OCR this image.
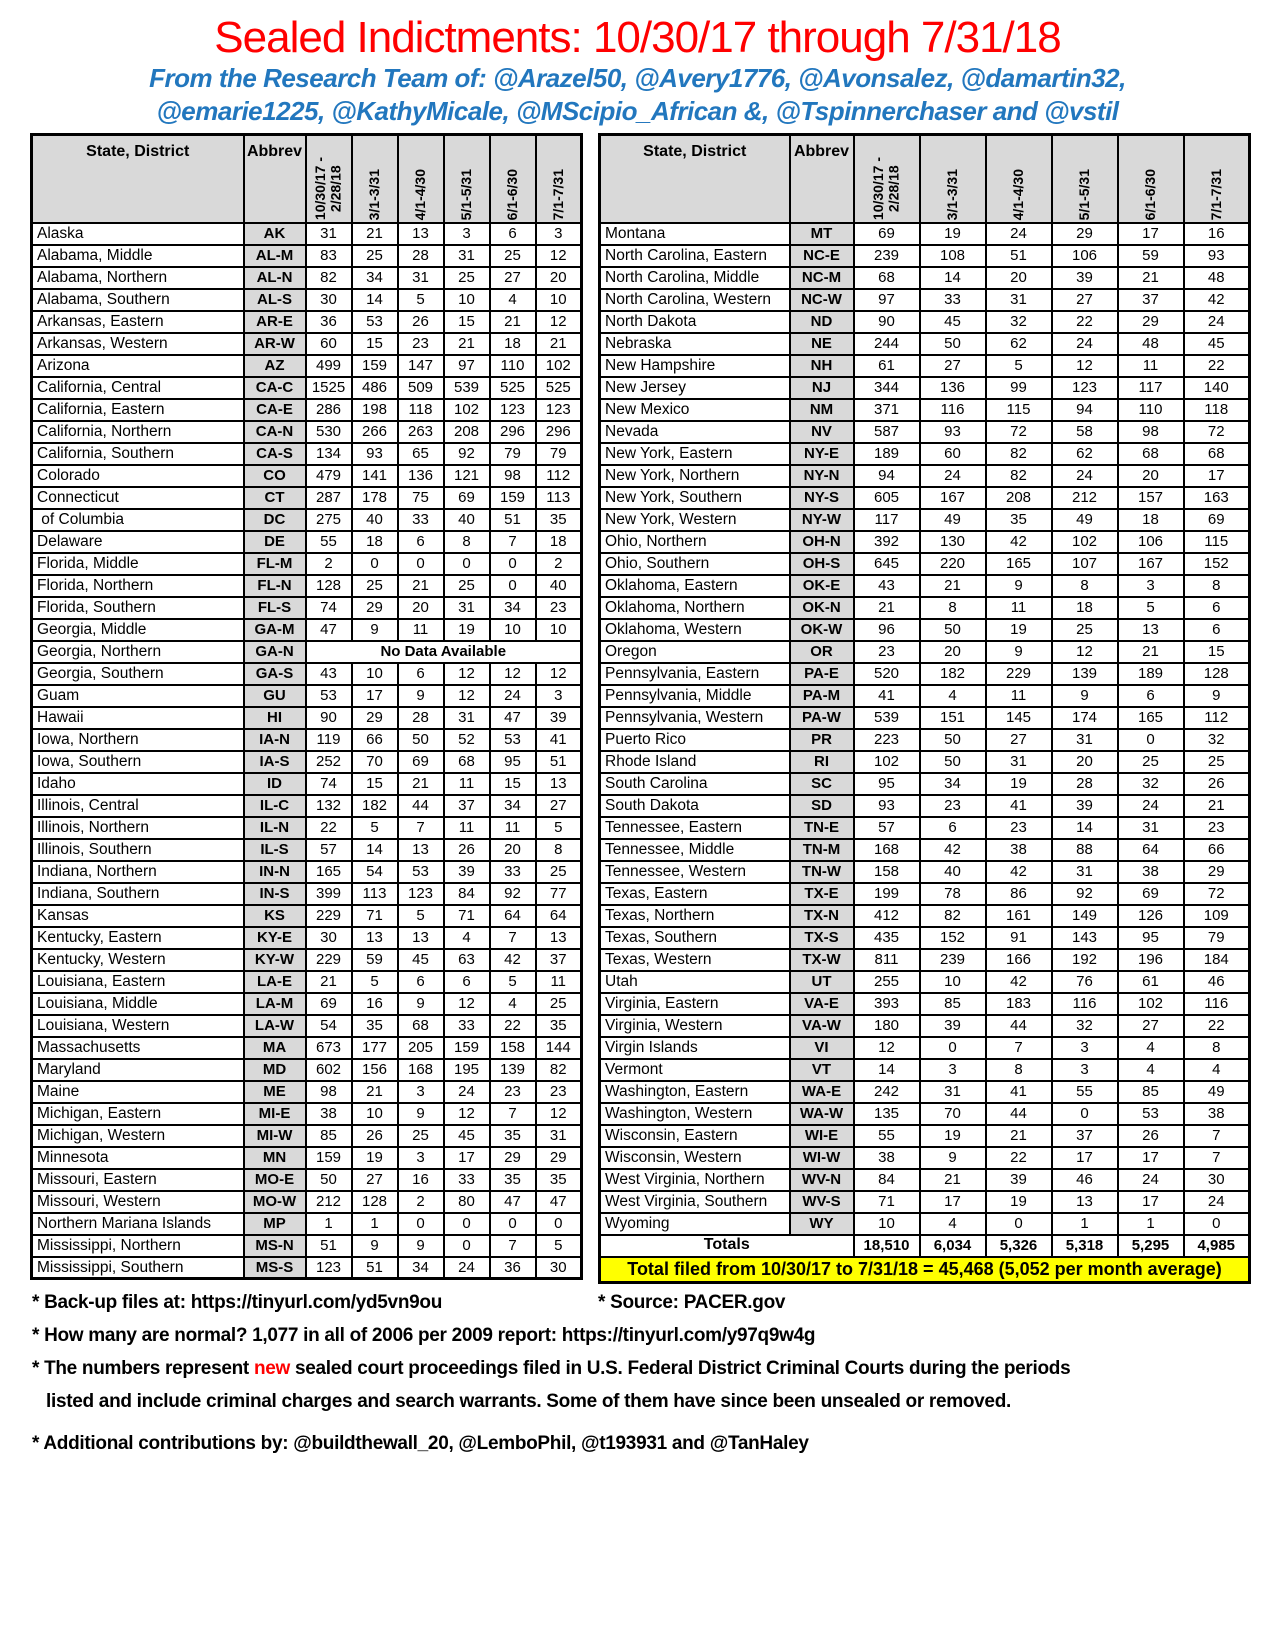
Sealed Indictments: 10/30/17 through 7/31/18
From the Research Team of: @Arazel50, @Avery1776, @Avonsalez, @damartin32,
@emarie1225, @KathyMicale, @MScipio_African &, @Tspinnerchaser and @vstil
State, District	Abbrev	10/30/17 -
2/28/18	3/1-3/31	4/1-4/30	5/1-5/31	6/1-6/30	7/1-7/31

Alaska	AK	31	21	13	3	6	3
Alabama, Middle	AL-M	83	25	28	31	25	12
Alabama, Northern	AL-N	82	34	31	25	27	20
Alabama, Southern	AL-S	30	14	5	10	4	10
Arkansas, Eastern	AR-E	36	53	26	15	21	12
Arkansas, Western	AR-W	60	15	23	21	18	21
Arizona	AZ	499	159	147	97	110	102
California, Central	CA-C	1525	486	509	539	525	525
California, Eastern	CA-E	286	198	118	102	123	123
California, Northern	CA-N	530	266	263	208	296	296
California, Southern	CA-S	134	93	65	92	79	79
Colorado	CO	479	141	136	121	98	112
Connecticut	CT	287	178	75	69	159	113
of Columbia	DC	275	40	33	40	51	35
Delaware	DE	55	18	6	8	7	18
Florida, Middle	FL-M	2	0	0	0	0	2
Florida, Northern	FL-N	128	25	21	25	0	40
Florida, Southern	FL-S	74	29	20	31	34	23
Georgia, Middle	GA-M	47	9	11	19	10	10
Georgia, Northern	GA-N	No Data Available					
Georgia, Southern	GA-S	43	10	6	12	12	12
Guam	GU	53	17	9	12	24	3
Hawaii	HI	90	29	28	31	47	39
Iowa, Northern	IA-N	119	66	50	52	53	41
Iowa, Southern	IA-S	252	70	69	68	95	51
Idaho	ID	74	15	21	11	15	13
Illinois, Central	IL-C	132	182	44	37	34	27
Illinois, Northern	IL-N	22	5	7	11	11	5
Illinois, Southern	IL-S	57	14	13	26	20	8
Indiana, Northern	IN-N	165	54	53	39	33	25
Indiana, Southern	IN-S	399	113	123	84	92	77
Kansas	KS	229	71	5	71	64	64
Kentucky, Eastern	KY-E	30	13	13	4	7	13
Kentucky, Western	KY-W	229	59	45	63	42	37
Louisiana, Eastern	LA-E	21	5	6	6	5	11
Louisiana, Middle	LA-M	69	16	9	12	4	25
Louisiana, Western	LA-W	54	35	68	33	22	35
Massachusetts	MA	673	177	205	159	158	144
Maryland	MD	602	156	168	195	139	82
Maine	ME	98	21	3	24	23	23
Michigan, Eastern	MI-E	38	10	9	12	7	12
Michigan, Western	MI-W	85	26	25	45	35	31
Minnesota	MN	159	19	3	17	29	29
Missouri, Eastern	MO-E	50	27	16	33	35	35
Missouri, Western	MO-W	212	128	2	80	47	47
Northern Mariana Islands	MP	1	1	0	0	0	0
Mississippi, Northern	MS-N	51	9	9	0	7	5
Mississippi, Southern	MS-S	123	51	34	24	36	30
State, District	Abbrev	10/30/17 -
2/28/18	3/1-3/31	4/1-4/30	5/1-5/31	6/1-6/30	7/1-7/31

Montana	MT	69	19	24	29	17	16
North Carolina, Eastern	NC-E	239	108	51	106	59	93
North Carolina, Middle	NC-M	68	14	20	39	21	48
North Carolina, Western	NC-W	97	33	31	27	37	42
North Dakota	ND	90	45	32	22	29	24
Nebraska	NE	244	50	62	24	48	45
New Hampshire	NH	61	27	5	12	11	22
New Jersey	NJ	344	136	99	123	117	140
New Mexico	NM	371	116	115	94	110	118
Nevada	NV	587	93	72	58	98	72
New York, Eastern	NY-E	189	60	82	62	68	68
New York, Northern	NY-N	94	24	82	24	20	17
New York, Southern	NY-S	605	167	208	212	157	163
New York, Western	NY-W	117	49	35	49	18	69
Ohio, Northern	OH-N	392	130	42	102	106	115
Ohio, Southern	OH-S	645	220	165	107	167	152
Oklahoma, Eastern	OK-E	43	21	9	8	3	8
Oklahoma, Northern	OK-N	21	8	11	18	5	6
Oklahoma, Western	OK-W	96	50	19	25	13	6
Oregon	OR	23	20	9	12	21	15
Pennsylvania, Eastern	PA-E	520	182	229	139	189	128
Pennsylvania, Middle	PA-M	41	4	11	9	6	9
Pennsylvania, Western	PA-W	539	151	145	174	165	112
Puerto Rico	PR	223	50	27	31	0	32
Rhode Island	RI	102	50	31	20	25	25
South Carolina	SC	95	34	19	28	32	26
South Dakota	SD	93	23	41	39	24	21
Tennessee, Eastern	TN-E	57	6	23	14	31	23
Tennessee, Middle	TN-M	168	42	38	88	64	66
Tennessee, Western	TN-W	158	40	42	31	38	29
Texas, Eastern	TX-E	199	78	86	92	69	72
Texas, Northern	TX-N	412	82	161	149	126	109
Texas, Southern	TX-S	435	152	91	143	95	79
Texas, Western	TX-W	811	239	166	192	196	184
Utah	UT	255	10	42	76	61	46
Virginia, Eastern	VA-E	393	85	183	116	102	116
Virginia, Western	VA-W	180	39	44	32	27	22
Virgin Islands	VI	12	0	7	3	4	8
Vermont	VT	14	3	8	3	4	4
Washington, Eastern	WA-E	242	31	41	55	85	49
Washington, Western	WA-W	135	70	44	0	53	38
Wisconsin, Eastern	WI-E	55	19	21	37	26	7
Wisconsin, Western	WI-W	38	9	22	17	17	7
West Virginia, Northern	WV-N	84	21	39	46	24	30
West Virginia, Southern	WV-S	71	17	19	13	17	24
Wyoming	WY	10	4	0	1	1	0
Totals		18,510	6,034	5,326	5,318	5,295	4,985
Total filed from 10/30/17 to 7/31/18 = 45,468 (5,052 per month average)							
* Back-up files at: https://tinyurl.com/yd5vn9ou	* Source: PACER.gov
* How many are normal? 1,077 in all of 2006 per 2009 report: https://tinyurl.com/y97q9w4g
* The numbers represent new sealed court proceedings filed in U.S. Federal District Criminal Courts during the periods
listed and include criminal charges and search warrants. Some of them have since been unsealed or removed.
* Additional contributions by: @buildthewall_20, @LemboPhil, @t193931 and @TanHaley
